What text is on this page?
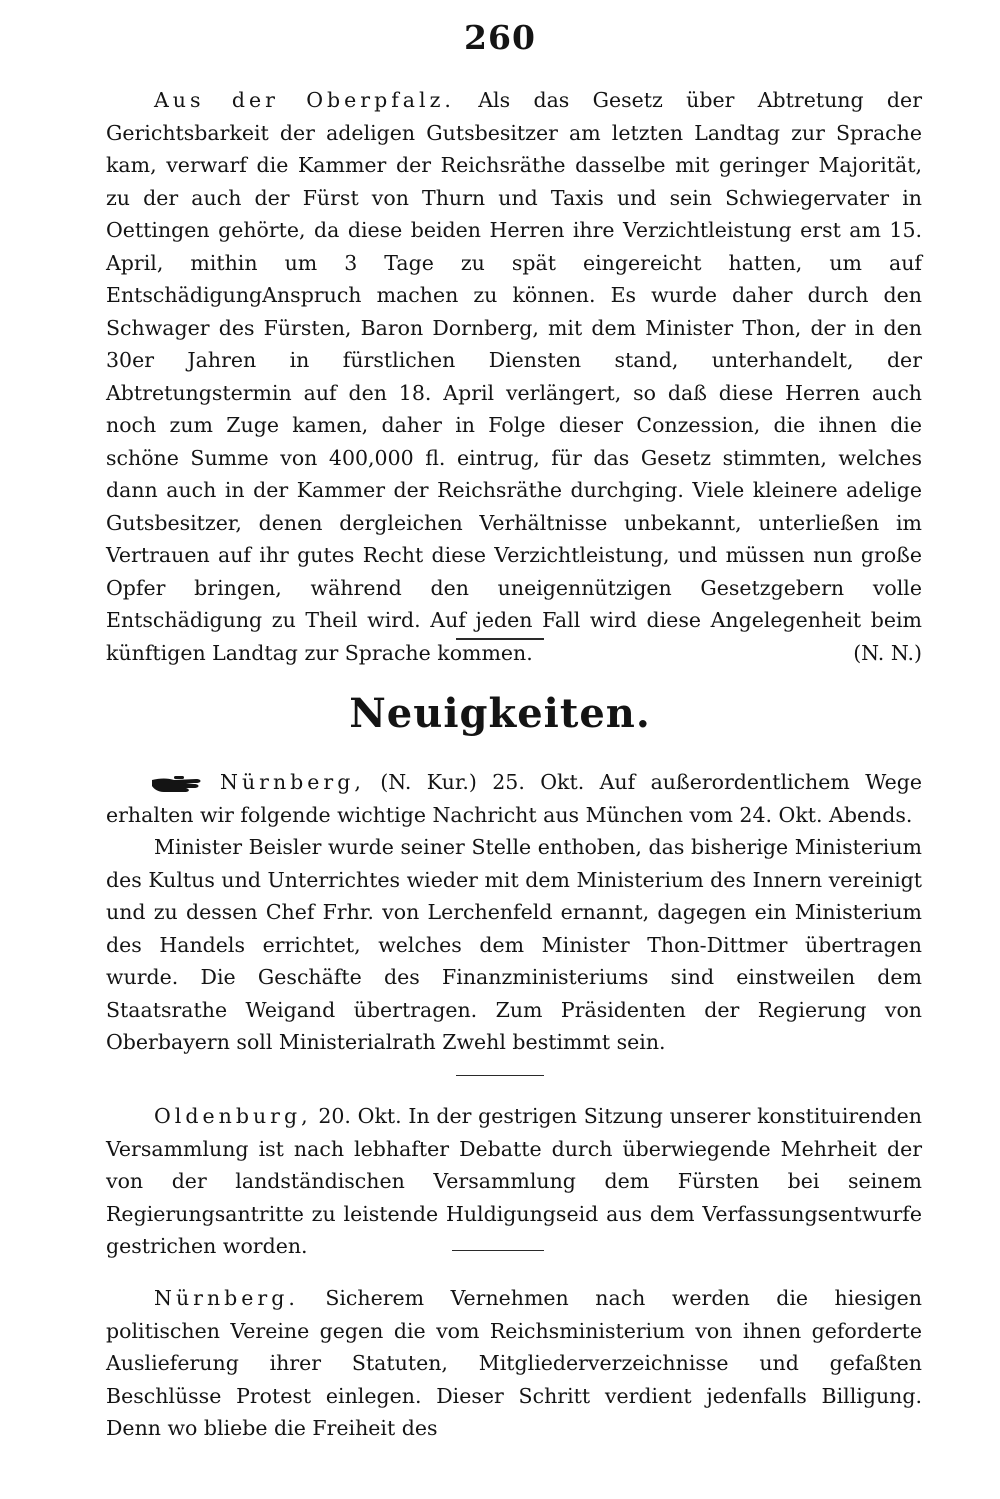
260

Aus der Oberpfalz. Als das Gesetz über Abtretung der Gerichtsbarkeit der adeligen Gutsbesitzer am letzten Landtag zur Sprache kam, verwarf die Kammer der Reichsräthe dasselbe mit geringer Majorität, zu der auch der Fürst von Thurn und Taxis und sein Schwiegervater in Oettingen gehörte, da diese beiden Herren ihre Verzichtleistung erst am 15. April, mithin um 3 Tage zu spät eingereicht hatten, um auf EntschädigungAnspruch machen zu können. Es wurde daher durch den Schwager des Fürsten, Baron Dornberg, mit dem Minister Thon, der in den 30er Jahren in fürstlichen Diensten stand, unterhandelt, der Abtretungstermin auf den 18. April verlängert, so daß diese Herren auch noch zum Zuge kamen, daher in Folge dieser Conzession, die ihnen die schöne Summe von 400,000 fl. eintrug, für das Gesetz stimmten, welches dann auch in der Kammer der Reichsräthe durchging. Viele kleinere adelige Gutsbesitzer, denen dergleichen Verhältnisse unbekannt, unterließen im Vertrauen auf ihr gutes Recht diese Verzichtleistung, und müssen nun große Opfer bringen, während den uneigennützigen Gesetzgebern volle Entschädigung zu Theil wird. Auf jeden Fall wird diese Angelegenheit beim künftigen Landtag zur Sprache kommen.	(N. N.)

Neuigkeiten.

Nürnberg, (N. Kur.) 25. Okt. Auf außerordentlichem Wege erhalten wir folgende wichtige Nachricht aus München vom 24. Okt. Abends.

Minister Beisler wurde seiner Stelle enthoben, das bisherige Ministerium des Kultus und Unterrichtes wieder mit dem Ministerium des Innern vereinigt und zu dessen Chef Frhr. von Lerchenfeld ernannt, dagegen ein Ministerium des Handels errichtet, welches dem Minister Thon-Dittmer übertragen wurde. Die Geschäfte des Finanzministeriums sind einstweilen dem Staatsrathe Weigand übertragen. Zum Präsidenten der Regierung von Oberbayern soll Ministerialrath Zwehl bestimmt sein.

Oldenburg, 20. Okt. In der gestrigen Sitzung unserer konstituirenden Versammlung ist nach lebhafter Debatte durch überwiegende Mehrheit der von der landständischen Versammlung dem Fürsten bei seinem Regierungsantritte zu leistende Huldigungseid aus dem Verfassungsentwurfe gestrichen worden.

Nürnberg. Sicherem Vernehmen nach werden die hiesigen politischen Vereine gegen die vom Reichsministerium von ihnen geforderte Auslieferung ihrer Statuten, Mitgliederverzeichnisse und gefaßten Beschlüsse Protest einlegen. Dieser Schritt verdient jedenfalls Billigung. Denn wo bliebe die Freiheit des
